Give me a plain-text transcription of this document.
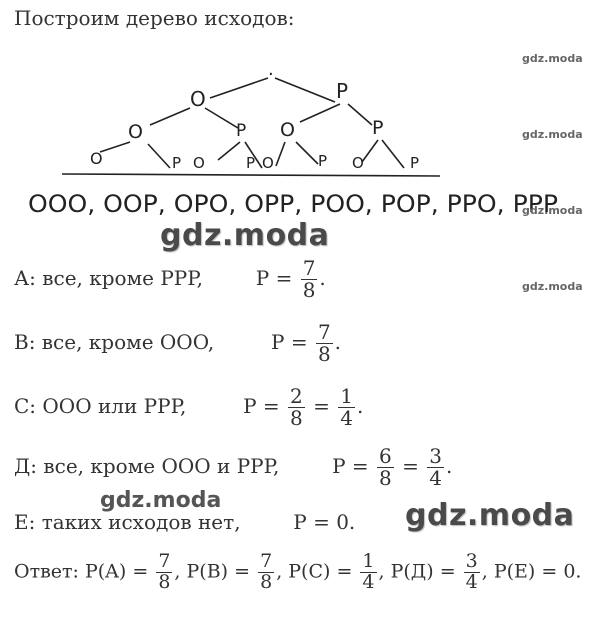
Построим дерево исходов:
·
O	P
O	P O	P
O	P O	P O	P O	P
OOO, OOP, OPO, OPP, POO, POP, PPO, PPP
gdz.moda
gdz.moda
gdz.moda
gdz.moda
gdz.moda
gdz.moda	gdz.moda
А: все, кроме PPP,	$P = \frac{7}{8}$ .
В: все, кроме OOO,	$P = \frac{7}{8}$ .
С: OOO или PPP,	$P = \frac{2}{8} = \frac{1}{4}$ .
Д: все, кроме OOO и PPP,	$P = \frac{6}{8} = \frac{3}{4}$ .
Е: таких исходов нет,	P = 0.
Ответ: $P(A) = \frac{7}{8}$ , $P(B) = \frac{7}{8}$ , $P(C) = \frac{1}{4}$ , $P(Д) = \frac{3}{4}$ , P(E) = 0.
